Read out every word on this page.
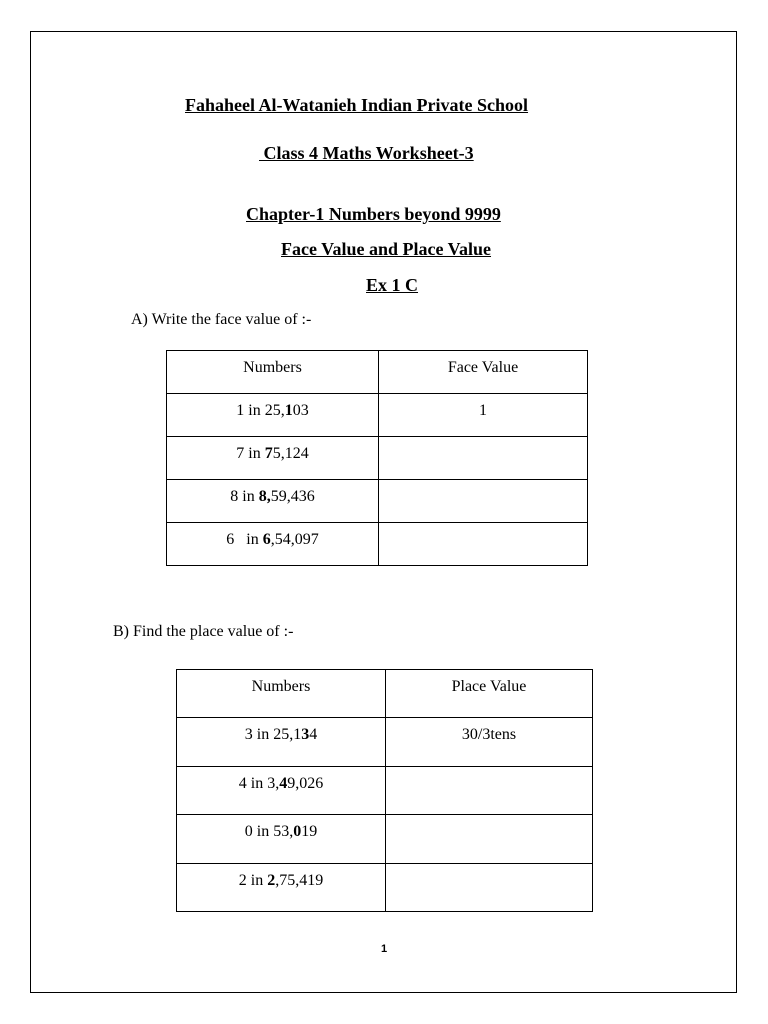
Fahaheel Al-Watanieh Indian Private School
Class 4 Maths Worksheet-3
Chapter-1 Numbers beyond 9999
Face Value and Place Value
Ex 1 C
A) Write the face value of :-
Numbers	Face Value
1 in 25,103	1
7 in 75,124	
8 in 8,59,436	
6   in 6,54,097	
B) Find the place value of :-
Numbers	Place Value
3 in 25,134	30/3tens
4 in 3,49,026	
0 in 53,019	
2 in 2,75,419	
1
